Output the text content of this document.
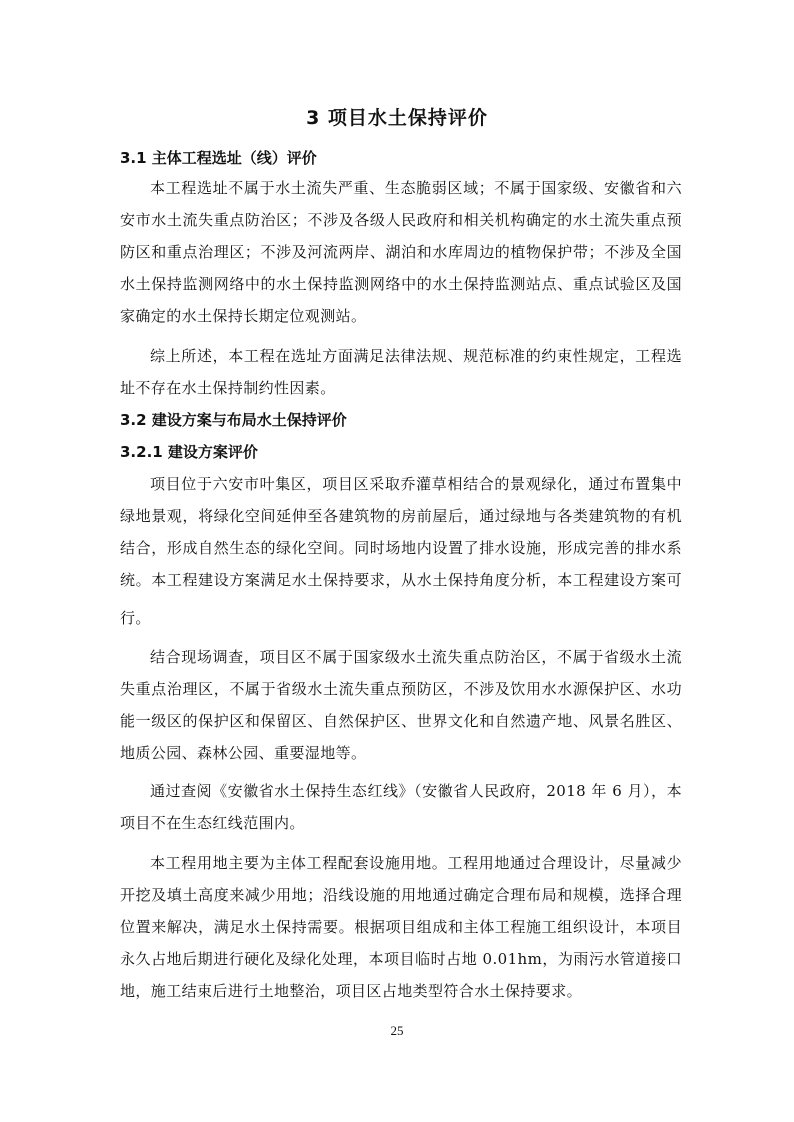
3 项目水土保持评价
3.1 主体工程选址（线）评价
本工程选址不属于水土流失严重、生态脆弱区域；不属于国家级、安徽省和六
安市水土流失重点防治区；不涉及各级人民政府和相关机构确定的水土流失重点预
防区和重点治理区；不涉及河流两岸、湖泊和水库周边的植物保护带；不涉及全国
水土保持监测网络中的水土保持监测网络中的水土保持监测站点、重点试验区及国
家确定的水土保持长期定位观测站。
综上所述，本工程在选址方面满足法律法规、规范标准的约束性规定，工程选
址不存在水土保持制约性因素。
3.2 建设方案与布局水土保持评价
3.2.1 建设方案评价
项目位于六安市叶集区，项目区采取乔灌草相结合的景观绿化，通过布置集中
绿地景观，将绿化空间延伸至各建筑物的房前屋后，通过绿地与各类建筑物的有机
结合，形成自然生态的绿化空间。同时场地内设置了排水设施，形成完善的排水系
统。本工程建设方案满足水土保持要求，从水土保持角度分析，本工程建设方案可
行。
结合现场调查，项目区不属于国家级水土流失重点防治区，不属于省级水土流
失重点治理区，不属于省级水土流失重点预防区，不涉及饮用水水源保护区、水功
能一级区的保护区和保留区、自然保护区、世界文化和自然遗产地、风景名胜区、
地质公园、森林公园、重要湿地等。
通过查阅《安徽省水土保持生态红线》（安徽省人民政府，2018 年 6 月），本
项目不在生态红线范围内。
本工程用地主要为主体工程配套设施用地。工程用地通过合理设计，尽量减少
开挖及填土高度来减少用地；沿线设施的用地通过确定合理布局和规模，选择合理
位置来解决，满足水土保持需要。根据项目组成和主体工程施工组织设计，本项目
永久占地后期进行硬化及绿化处理，本项目临时占地 0.01hm，为雨污水管道接口
地，施工结束后进行土地整治，项目区占地类型符合水土保持要求。
25
